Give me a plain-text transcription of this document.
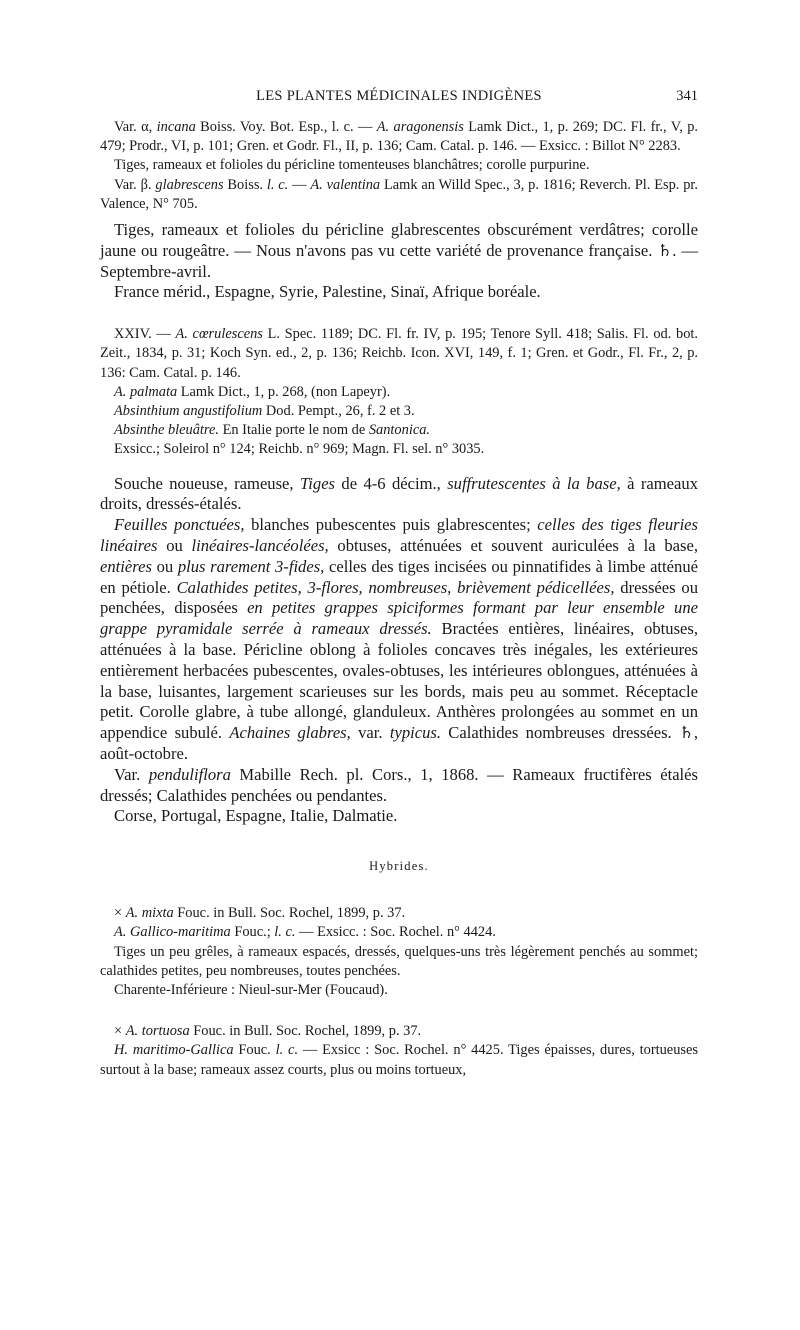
LES PLANTES MÉDICINALES INDIGÈNES	341

Var. α, incana Boiss. Voy. Bot. Esp., l. c. — A. aragonensis Lamk Dict., 1, p. 269; DC. Fl. fr., V, p. 479; Prodr., VI, p. 101; Gren. et Godr. Fl., II, p. 136; Cam. Catal. p. 146. — Exsicc. : Billot N° 2283.

Tiges, rameaux et folioles du péricline tomenteuses blanchâtres; corolle purpurine.

Var. β. glabrescens Boiss. l. c. — A. valentina Lamk an Willd Spec., 3, p. 1816; Reverch. Pl. Esp. pr. Valence, N° 705.

Tiges, rameaux et folioles du péricline glabrescentes obscurément verdâtres; corolle jaune ou rougeâtre. — Nous n'avons pas vu cette variété de provenance française. ♄. — Septembre-avril.

France mérid., Espagne, Syrie, Palestine, Sinaï, Afrique boréale.

XXIV. — A. cœrulescens L. Spec. 1189; DC. Fl. fr. IV, p. 195; Tenore Syll. 418; Salis. Fl. od. bot. Zeit., 1834, p. 31; Koch Syn. ed., 2, p. 136; Reichb. Icon. XVI, 149, f. 1; Gren. et Godr., Fl. Fr., 2, p. 136: Cam. Catal. p. 146.

A. palmata Lamk Dict., 1, p. 268, (non Lapeyr).

Absinthium angustifolium Dod. Pempt., 26, f. 2 et 3.

Absinthe bleuâtre. En Italie porte le nom de Santonica.

Exsicc.; Soleirol n° 124; Reichb. n° 969; Magn. Fl. sel. n° 3035.

Souche noueuse, rameuse, Tiges de 4-6 décim., suffrutescentes à la base, à rameaux droits, dressés-étalés.

Feuilles ponctuées, blanches pubescentes puis glabrescentes; celles des tiges fleuries linéaires ou linéaires-lancéolées, obtuses, atténuées et souvent auriculées à la base, entières ou plus rarement 3-fides, celles des tiges incisées ou pinnatifides à limbe atténué en pétiole. Calathides petites, 3-flores, nombreuses, brièvement pédicellées, dressées ou penchées, disposées en petites grappes spiciformes formant par leur ensemble une grappe pyramidale serrée à rameaux dressés. Bractées entières, linéaires, obtuses, atténuées à la base. Péricline oblong à folioles concaves très inégales, les extérieures entièrement herbacées pubescentes, ovales-obtuses, les intérieures oblongues, atténuées à la base, luisantes, largement scarieuses sur les bords, mais peu au sommet. Réceptacle petit. Corolle glabre, à tube allongé, glanduleux. Anthères prolongées au sommet en un appendice subulé. Achaines glabres, var. typicus. Calathides nombreuses dressées. ♄, août-octobre.

Var. penduliflora Mabille Rech. pl. Cors., 1, 1868. — Rameaux fructifères étalés dressés; Calathides penchées ou pendantes.

Corse, Portugal, Espagne, Italie, Dalmatie.

Hybrides.

× A. mixta Fouc. in Bull. Soc. Rochel, 1899, p. 37.

A. Gallico-maritima Fouc.; l. c. — Exsicc. : Soc. Rochel. n° 4424.

Tiges un peu grêles, à rameaux espacés, dressés, quelques-uns très légèrement penchés au sommet; calathides petites, peu nombreuses, toutes penchées.

Charente-Inférieure : Nieul-sur-Mer (Foucaud).

× A. tortuosa Fouc. in Bull. Soc. Rochel, 1899, p. 37.

H. maritimo-Gallica Fouc. l. c. — Exsicc : Soc. Rochel. n° 4425. Tiges épaisses, dures, tortueuses surtout à la base; rameaux assez courts, plus ou moins tortueux,
